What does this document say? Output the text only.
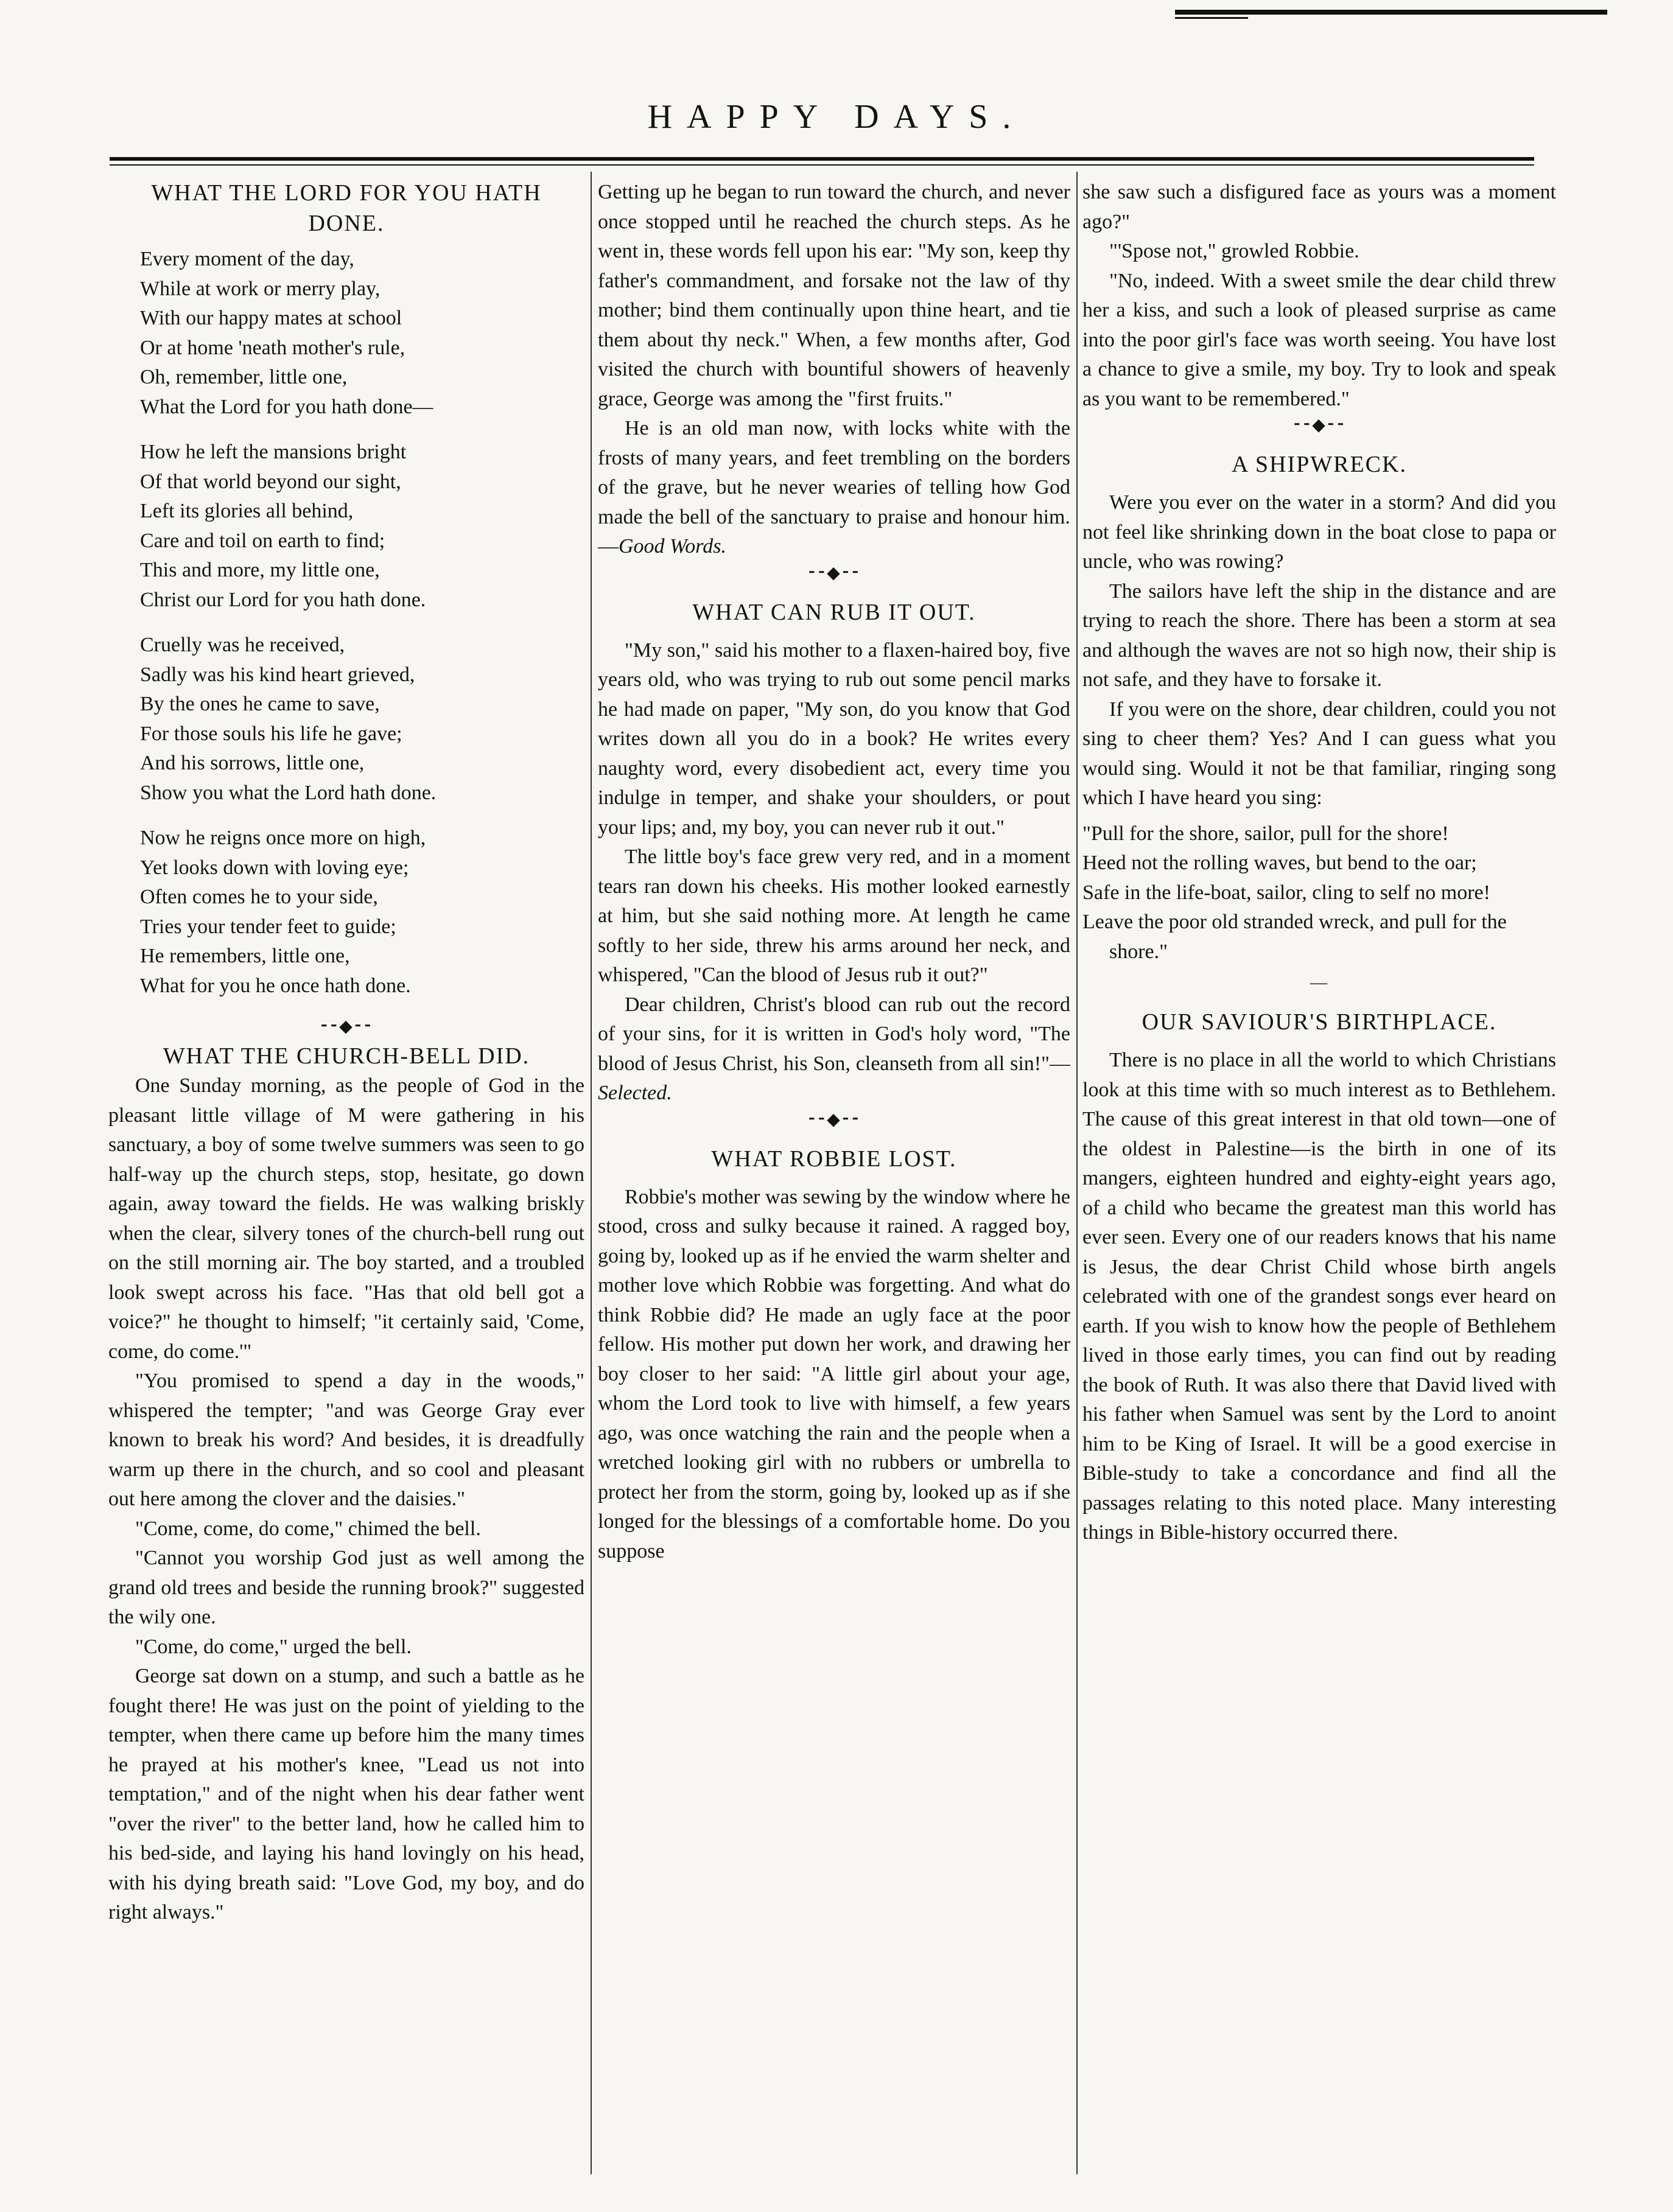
HAPPY DAYS.
WHAT THE LORD FOR YOU HATH
DONE.
Every moment of the day,
While at work or merry play,
With our happy mates at school
Or at home 'neath mother's rule,
Oh, remember, little one,
What the Lord for you hath done—
How he left the mansions bright
Of that world beyond our sight,
Left its glories all behind,
Care and toil on earth to find;
This and more, my little one,
Christ our Lord for you hath done.
Cruelly was he received,
Sadly was his kind heart grieved,
By the ones he came to save,
For those souls his life he gave;
And his sorrows, little one,
Show you what the Lord hath done.
Now he reigns once more on high,
Yet looks down with loving eye;
Often comes he to your side,
Tries your tender feet to guide;
He remembers, little one,
What for you he once hath done.
⁃⁃◆⁃⁃
WHAT THE CHURCH-BELL DID.

One Sunday morning, as the people of God in the pleasant little village of M were gathering in his sanctuary, a boy of some twelve summers was seen to go half-way up the church steps, stop, hesitate, go down again, away toward the fields. He was walking briskly when the clear, silvery tones of the church-bell rung out on the still morning air. The boy started, and a troubled look swept across his face. "Has that old bell got a voice?" he thought to himself; "it certainly said, 'Come, come, do come.'"

"You promised to spend a day in the woods," whispered the tempter; "and was George Gray ever known to break his word? And besides, it is dreadfully warm up there in the church, and so cool and pleasant out here among the clover and the daisies."

"Come, come, do come," chimed the bell.

"Cannot you worship God just as well among the grand old trees and beside the running brook?" suggested the wily one.

"Come, do come," urged the bell.

George sat down on a stump, and such a battle as he fought there! He was just on the point of yielding to the tempter, when there came up before him the many times he prayed at his mother's knee, "Lead us not into temptation," and of the night when his dear father went "over the river" to the better land, how he called him to his bed-side, and laying his hand lovingly on his head, with his dying breath said: "Love God, my boy, and do right always."

Getting up he began to run toward the church, and never once stopped until he reached the church steps. As he went in, these words fell upon his ear: "My son, keep thy father's commandment, and forsake not the law of thy mother; bind them continually upon thine heart, and tie them about thy neck." When, a few months after, God visited the church with bountiful showers of heavenly grace, George was among the "first fruits."

He is an old man now, with locks white with the frosts of many years, and feet trembling on the borders of the grave, but he never wearies of telling how God made the bell of the sanctuary to praise and honour him.—Good Words.

⁃⁃◆⁃⁃
WHAT CAN RUB IT OUT.

"My son," said his mother to a flaxen-haired boy, five years old, who was trying to rub out some pencil marks he had made on paper, "My son, do you know that God writes down all you do in a book? He writes every naughty word, every disobedient act, every time you indulge in temper, and shake your shoulders, or pout your lips; and, my boy, you can never rub it out."

The little boy's face grew very red, and in a moment tears ran down his cheeks. His mother looked earnestly at him, but she said nothing more. At length he came softly to her side, threw his arms around her neck, and whispered, "Can the blood of Jesus rub it out?"

Dear children, Christ's blood can rub out the record of your sins, for it is written in God's holy word, "The blood of Jesus Christ, his Son, cleanseth from all sin!"—Selected.

⁃⁃◆⁃⁃
WHAT ROBBIE LOST.

Robbie's mother was sewing by the window where he stood, cross and sulky because it rained. A ragged boy, going by, looked up as if he envied the warm shelter and mother love which Robbie was forgetting. And what do think Robbie did? He made an ugly face at the poor fellow. His mother put down her work, and drawing her boy closer to her said: "A little girl about your age, whom the Lord took to live with himself, a few years ago, was once watching the rain and the people when a wretched looking girl with no rubbers or umbrella to protect her from the storm, going by, looked up as if she longed for the blessings of a comfortable home. Do you suppose

she saw such a disfigured face as yours was a moment ago?"

"'Spose not," growled Robbie.

"No, indeed. With a sweet smile the dear child threw her a kiss, and such a look of pleased surprise as came into the poor girl's face was worth seeing. You have lost a chance to give a smile, my boy. Try to look and speak as you want to be remembered."

⁃⁃◆⁃⁃
A SHIPWRECK.

Were you ever on the water in a storm? And did you not feel like shrinking down in the boat close to papa or uncle, who was rowing?

The sailors have left the ship in the distance and are trying to reach the shore. There has been a storm at sea and although the waves are not so high now, their ship is not safe, and they have to forsake it.

If you were on the shore, dear children, could you not sing to cheer them? Yes? And I can guess what you would sing. Would it not be that familiar, ringing song which I have heard you sing:

"Pull for the shore, sailor, pull for the shore!
Heed not the rolling waves, but bend to the oar;
Safe in the life-boat, sailor, cling to self no more!
Leave the poor old stranded wreck, and pull for the shore."
—
OUR SAVIOUR'S BIRTHPLACE.

There is no place in all the world to which Christians look at this time with so much interest as to Bethlehem. The cause of this great interest in that old town—one of the oldest in Palestine—is the birth in one of its mangers, eighteen hundred and eighty-eight years ago, of a child who became the greatest man this world has ever seen. Every one of our readers knows that his name is Jesus, the dear Christ Child whose birth angels celebrated with one of the grandest songs ever heard on earth. If you wish to know how the people of Bethlehem lived in those early times, you can find out by reading the book of Ruth. It was also there that David lived with his father when Samuel was sent by the Lord to anoint him to be King of Israel. It will be a good exercise in Bible-study to take a concordance and find all the passages relating to this noted place. Many interesting things in Bible-history occurred there.
